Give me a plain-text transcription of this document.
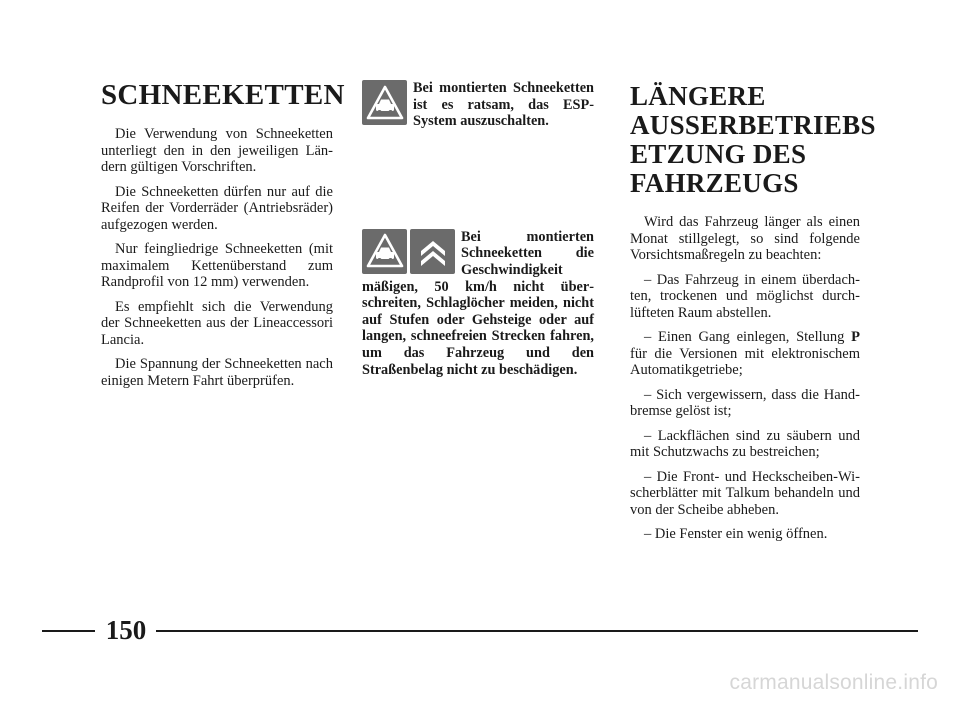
SCHNEEKETTEN

Die Verwendung von Schneeketten unterliegt den in den jeweiligen Ländern gültigen Vorschriften.

Die Schneeketten dürfen nur auf die Reifen der Vorderräder (Antriebsräder) aufgezogen werden.

Nur feingliedrige Schneeketten (mit maximalem Kettenüberstand zum Randprofil von 12 mm) verwenden.

Es empfiehlt sich die Verwendung der Schneeketten aus der Lineaccessori Lancia.

Die Spannung der Schneeketten nach einigen Metern Fahrt überprüfen.

Bei montierten Schneeketten ist es ratsam, das ESP-System auszuschalten.

Bei montierten Schneeketten die Geschwindigkeit mäßigen, 50 km/h nicht überschreiten, Schlaglöcher meiden, nicht auf Stufen oder Gehsteige oder auf langen, schneefreien Strecken fahren, um das Fahrzeug und den Straßenbelag nicht zu beschädigen.

LÄNGERE AUSSERBETRIEBS ETZUNG DES FAHRZEUGS

Wird das Fahrzeug länger als einen Monat stillgelegt, so sind folgende Vorsichtsmaßregeln zu beachten:

– Das Fahrzeug in einem überdachten, trockenen und möglichst durchlüfteten Raum abstellen.

– Einen Gang einlegen, Stellung P für die Versionen mit elektronischem Automatikgetriebe;

– Sich vergewissern, dass die Handbremse gelöst ist;

– Lackflächen sind zu säubern und mit Schutzwachs zu bestreichen;

– Die Front- und Heckscheiben-Wischerblätter mit Talkum behandeln und von der Scheibe abheben.

– Die Fenster ein wenig öffnen.

150
carmanualsonline.info
